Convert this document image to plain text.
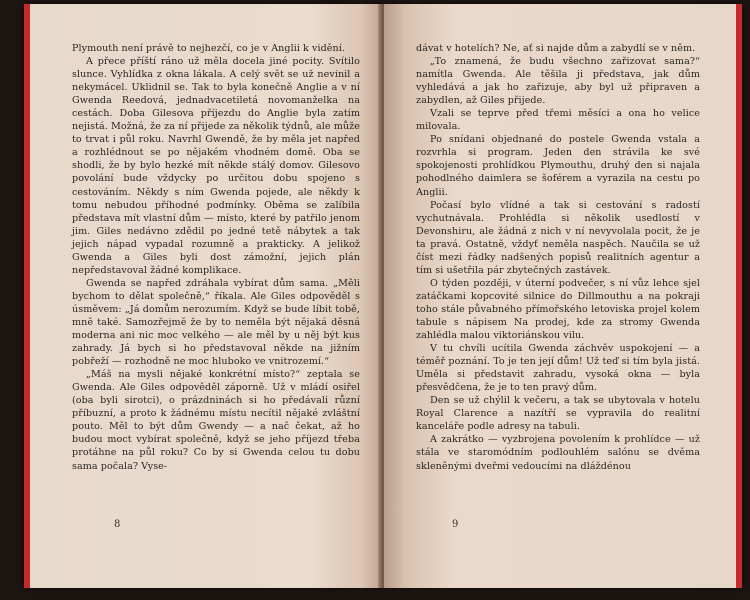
Plymouth není právě to nejhezčí, co je v Anglii k vidění.

A přece příští ráno už měla docela jiné pocity. Svítilo slunce. Vyhlídka z okna lákala. A celý svět se už nevinil a nekymácel. Uklidnil se. Tak to byla konečně Anglie a v ní Gwenda Reedová, jednadvacetiletá novomanželka na cestách. Doba Gilesova příjezdu do Anglie byla zatím nejistá. Možná, že za ní přijede za několik týdnů, ale může to trvat i půl roku. Navrhl Gwendě, že by měla jet napřed a rozhlédnout se po nějakém vhodném domě. Oba se shodli, že by bylo hezké mít někde stálý domov. Gilesovo povolání bude vždycky po určitou dobu spojeno s cestováním. Někdy s ním Gwenda pojede, ale někdy k tomu nebudou příhodné podmínky. Oběma se zalíbila představa mít vlastní dům — místo, které by patřilo jenom jim. Giles nedávno zdědil po jedné tetě nábytek a tak jejich nápad vypadal rozumně a prakticky. A jelikož Gwenda a Giles byli dost zámožní, jejich plán nepředstavoval žádné komplikace.

Gwenda se napřed zdráhala vybírat dům sama. „Měli bychom to dělat společně,“ říkala. Ale Giles odpověděl s úsměvem: „Já domům nerozumím. Když se bude líbit tobě, mně také. Samozřejmě že by to neměla být nějaká děsná moderna ani nic moc velkého — ale měl by u něj být kus zahrady. Já bych si ho představoval někde na jižním pobřeží — rozhodně ne moc hluboko ve vnitrozemí.“

„Máš na mysli nějaké konkrétní místo?“ zeptala se Gwenda. Ale Giles odpověděl záporně. Už v mládí osiřel (oba byli sirotci), o prázdninách si ho předávali různí příbuzní, a proto k žádnému místu necítil nějaké zvláštní pouto. Měl to být dům Gwendy — a nač čekat, až ho budou moct vybírat společně, když se jeho příjezd třeba protáhne na půl roku? Co by si Gwenda celou tu dobu sama počala? Vyse-

8

dávat v hotelích? Ne, ať si najde dům a zabydlí se v něm.

„To znamená, že budu všechno zařizovat sama?“ namítla Gwenda. Ale těšila ji představa, jak dům vyhledává a jak ho zařizuje, aby byl už připraven a zabydlen, až Giles přijede.

Vzali se teprve před třemi měsíci a ona ho velice milovala.

Po snídani objednané do postele Gwenda vstala a rozvrhla si program. Jeden den strávila ke své spokojenosti prohlídkou Plymouthu, druhý den si najala pohodlného daimlera se šoférem a vyrazila na cestu po Anglii.

Počasí bylo vlídné a tak si cestování s radostí vychutnávala. Prohlédla si několik usedlostí v Devonshiru, ale žádná z nich v ní nevyvolala pocit, že je ta pravá. Ostatně, vždyť neměla naspěch. Naučila se už číst mezi řádky nadšených popisů realitních agentur a tím si ušetřila pár zbytečných zastávek.

O týden později, v úterní podvečer, s ní vůz lehce sjel zatáčkami kopcovité silnice do Dillmouthu a na pokraji toho stále půvabného přímořského letoviska projel kolem tabule s nápisem Na prodej, kde za stromy Gwenda zahlédla malou viktoriánskou vilu.

V tu chvíli ucítila Gwenda záchvěv uspokojení — a téměř poznání. To je ten její dům! Už teď si tím byla jistá. Uměla si představit zahradu, vysoká okna — byla přesvědčena, že je to ten pravý dům.

Den se už chýlil k večeru, a tak se ubytovala v hotelu Royal Clarence a nazítří se vypravila do realitní kanceláře podle adresy na tabuli.

A zakrátko — vyzbrojena povolením k prohlídce — už stála ve staromódním podlouhlém salónu se dvěma skleněnými dveřmi vedoucími na dláždénou

9
